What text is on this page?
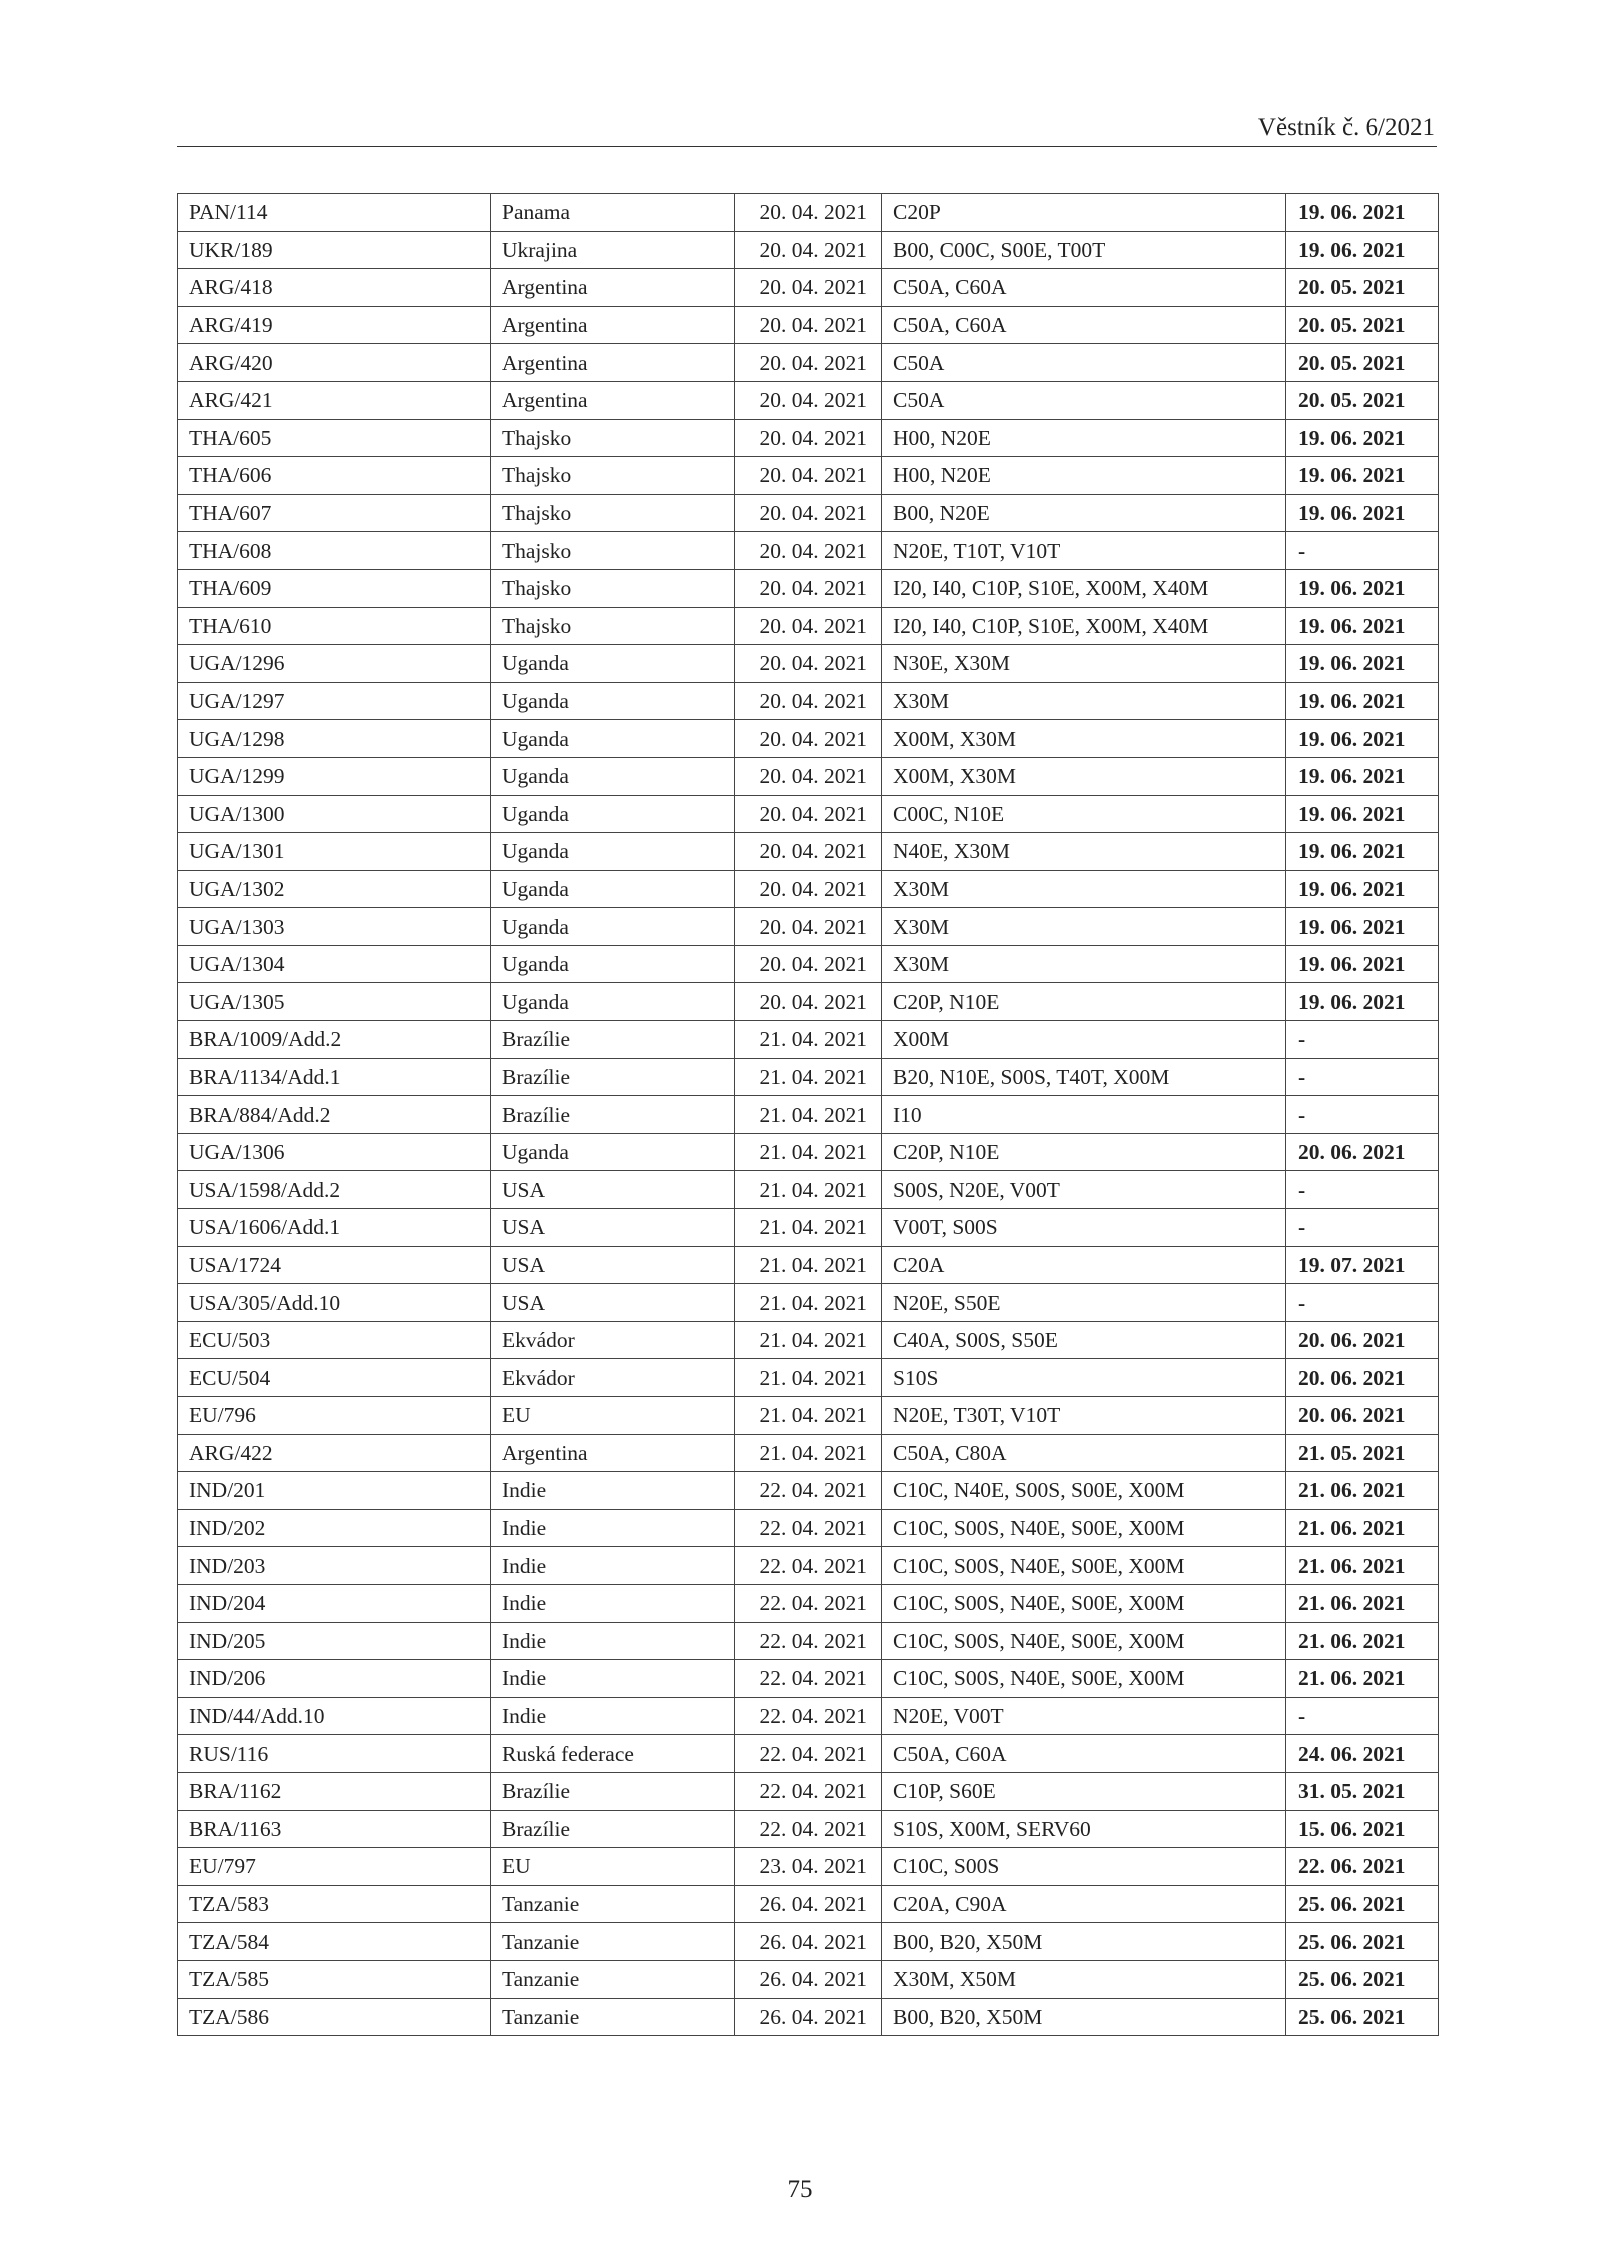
Věstník č. 6/2021
PAN/114	Panama	20. 04. 2021	C20P	19. 06. 2021
UKR/189	Ukrajina	20. 04. 2021	B00, C00C, S00E, T00T	19. 06. 2021
ARG/418	Argentina	20. 04. 2021	C50A, C60A	20. 05. 2021
ARG/419	Argentina	20. 04. 2021	C50A, C60A	20. 05. 2021
ARG/420	Argentina	20. 04. 2021	C50A	20. 05. 2021
ARG/421	Argentina	20. 04. 2021	C50A	20. 05. 2021
THA/605	Thajsko	20. 04. 2021	H00, N20E	19. 06. 2021
THA/606	Thajsko	20. 04. 2021	H00, N20E	19. 06. 2021
THA/607	Thajsko	20. 04. 2021	B00, N20E	19. 06. 2021
THA/608	Thajsko	20. 04. 2021	N20E, T10T, V10T	-
THA/609	Thajsko	20. 04. 2021	I20, I40, C10P, S10E, X00M, X40M	19. 06. 2021
THA/610	Thajsko	20. 04. 2021	I20, I40, C10P, S10E, X00M, X40M	19. 06. 2021
UGA/1296	Uganda	20. 04. 2021	N30E, X30M	19. 06. 2021
UGA/1297	Uganda	20. 04. 2021	X30M	19. 06. 2021
UGA/1298	Uganda	20. 04. 2021	X00M, X30M	19. 06. 2021
UGA/1299	Uganda	20. 04. 2021	X00M, X30M	19. 06. 2021
UGA/1300	Uganda	20. 04. 2021	C00C, N10E	19. 06. 2021
UGA/1301	Uganda	20. 04. 2021	N40E, X30M	19. 06. 2021
UGA/1302	Uganda	20. 04. 2021	X30M	19. 06. 2021
UGA/1303	Uganda	20. 04. 2021	X30M	19. 06. 2021
UGA/1304	Uganda	20. 04. 2021	X30M	19. 06. 2021
UGA/1305	Uganda	20. 04. 2021	C20P, N10E	19. 06. 2021
BRA/1009/Add.2	Brazílie	21. 04. 2021	X00M	-
BRA/1134/Add.1	Brazílie	21. 04. 2021	B20, N10E, S00S, T40T, X00M	-
BRA/884/Add.2	Brazílie	21. 04. 2021	I10	-
UGA/1306	Uganda	21. 04. 2021	C20P, N10E	20. 06. 2021
USA/1598/Add.2	USA	21. 04. 2021	S00S, N20E, V00T	-
USA/1606/Add.1	USA	21. 04. 2021	V00T, S00S	-
USA/1724	USA	21. 04. 2021	C20A	19. 07. 2021
USA/305/Add.10	USA	21. 04. 2021	N20E, S50E	-
ECU/503	Ekvádor	21. 04. 2021	C40A, S00S, S50E	20. 06. 2021
ECU/504	Ekvádor	21. 04. 2021	S10S	20. 06. 2021
EU/796	EU	21. 04. 2021	N20E, T30T, V10T	20. 06. 2021
ARG/422	Argentina	21. 04. 2021	C50A, C80A	21. 05. 2021
IND/201	Indie	22. 04. 2021	C10C, N40E, S00S, S00E, X00M	21. 06. 2021
IND/202	Indie	22. 04. 2021	C10C, S00S, N40E, S00E, X00M	21. 06. 2021
IND/203	Indie	22. 04. 2021	C10C, S00S, N40E, S00E, X00M	21. 06. 2021
IND/204	Indie	22. 04. 2021	C10C, S00S, N40E, S00E, X00M	21. 06. 2021
IND/205	Indie	22. 04. 2021	C10C, S00S, N40E, S00E, X00M	21. 06. 2021
IND/206	Indie	22. 04. 2021	C10C, S00S, N40E, S00E, X00M	21. 06. 2021
IND/44/Add.10	Indie	22. 04. 2021	N20E, V00T	-
RUS/116	Ruská federace	22. 04. 2021	C50A, C60A	24. 06. 2021
BRA/1162	Brazílie	22. 04. 2021	C10P, S60E	31. 05. 2021
BRA/1163	Brazílie	22. 04. 2021	S10S, X00M, SERV60	15. 06. 2021
EU/797	EU	23. 04. 2021	C10C, S00S	22. 06. 2021
TZA/583	Tanzanie	26. 04. 2021	C20A, C90A	25. 06. 2021
TZA/584	Tanzanie	26. 04. 2021	B00, B20, X50M	25. 06. 2021
TZA/585	Tanzanie	26. 04. 2021	X30M, X50M	25. 06. 2021
TZA/586	Tanzanie	26. 04. 2021	B00, B20, X50M	25. 06. 2021
75
